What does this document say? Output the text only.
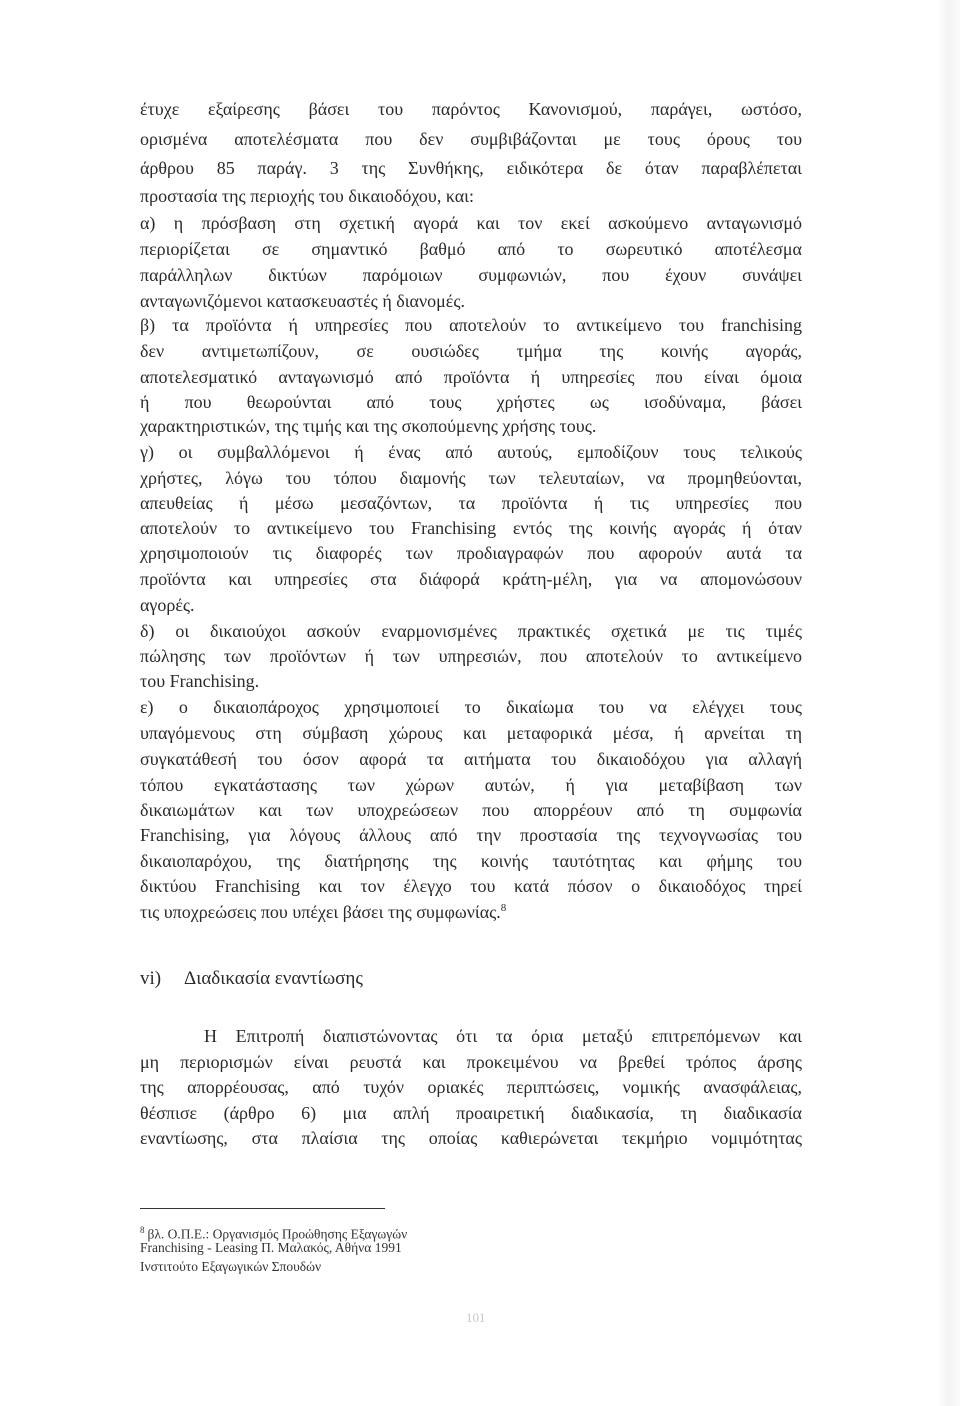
έτυχε εξαίρεσης βάσει του παρόντος Κανονισμού, παράγει, ωστόσο,
ορισμένα αποτελέσματα που δεν συμβιβάζονται με τους όρους του
άρθρου 85 παράγ. 3 της Συνθήκης, ειδικότερα δε όταν παραβλέπεται
προστασία της περιοχής του δικαιοδόχου, και:
α) η πρόσβαση στη σχετική αγορά και τον εκεί ασκούμενο ανταγωνισμό
περιορίζεται σε σημαντικό βαθμό από το σωρευτικό αποτέλεσμα
παράλληλων δικτύων παρόμοιων συμφωνιών, που έχουν συνάψει
ανταγωνιζόμενοι κατασκευαστές ή διανομές.
β) τα προϊόντα ή υπηρεσίες που αποτελούν το αντικείμενο του franchising
δεν αντιμετωπίζουν, σε ουσιώδες τμήμα της κοινής αγοράς,
αποτελεσματικό ανταγωνισμό από προϊόντα ή υπηρεσίες που είναι όμοια
ή που θεωρούνται από τους χρήστες ως ισοδύναμα, βάσει
χαρακτηριστικών, της τιμής και της σκοπούμενης χρήσης τους.
γ) οι συμβαλλόμενοι ή ένας από αυτούς, εμποδίζουν τους τελικούς
χρήστες, λόγω του τόπου διαμονής των τελευταίων, να προμηθεύονται,
απευθείας ή μέσω μεσαζόντων, τα προϊόντα ή τις υπηρεσίες που
αποτελούν το αντικείμενο του Franchising εντός της κοινής αγοράς ή όταν
χρησιμοποιούν τις διαφορές των προδιαγραφών που αφορούν αυτά τα
προϊόντα και υπηρεσίες στα διάφορά κράτη-μέλη, για να απομονώσουν
αγορές.
δ) οι δικαιούχοι ασκούν εναρμονισμένες πρακτικές σχετικά με τις τιμές
πώλησης των προϊόντων ή των υπηρεσιών, που αποτελούν το αντικείμενο
του Franchising.
ε) ο δικαιοπάροχος χρησιμοποιεί το δικαίωμα του να ελέγχει τους
υπαγόμενους στη σύμβαση χώρους και μεταφορικά μέσα, ή αρνείται τη
συγκατάθεσή του όσον αφορά τα αιτήματα του δικαιοδόχου για αλλαγή
τόπου εγκατάστασης των χώρων αυτών, ή για μεταβίβαση των
δικαιωμάτων και των υποχρεώσεων που απορρέουν από τη συμφωνία
Franchising, για λόγους άλλους από την προστασία της τεχνογνωσίας του
δικαιοπαρόχου, της διατήρησης της κοινής ταυτότητας και φήμης του
δικτύου Franchising και τον έλεγχο του κατά πόσον ο δικαιοδόχος τηρεί
τις υποχρεώσεις που υπέχει βάσει της συμφωνίας.$^8$
vi) Διαδικασία εναντίωσης
Η Επιτροπή διαπιστώνοντας ότι τα όρια μεταξύ επιτρεπόμενων και
μη περιορισμών είναι ρευστά και προκειμένου να βρεθεί τρόπος άρσης
της απορρέουσας, από τυχόν οριακές περιπτώσεις, νομικής ανασφάλειας,
θέσπισε (άρθρο 6) μια απλή προαιρετική διαδικασία, τη διαδικασία
εναντίωσης, στα πλαίσια της οποίας καθιερώνεται τεκμήριο νομιμότητας
$^8$ βλ. Ο.Π.Ε.: Οργανισμός Προώθησης Εξαγωγών
Franchising - Leasing Π. Μαλακός, Αθήνα 1991
Ινστιτούτο Εξαγωγικών Σπουδών
101
